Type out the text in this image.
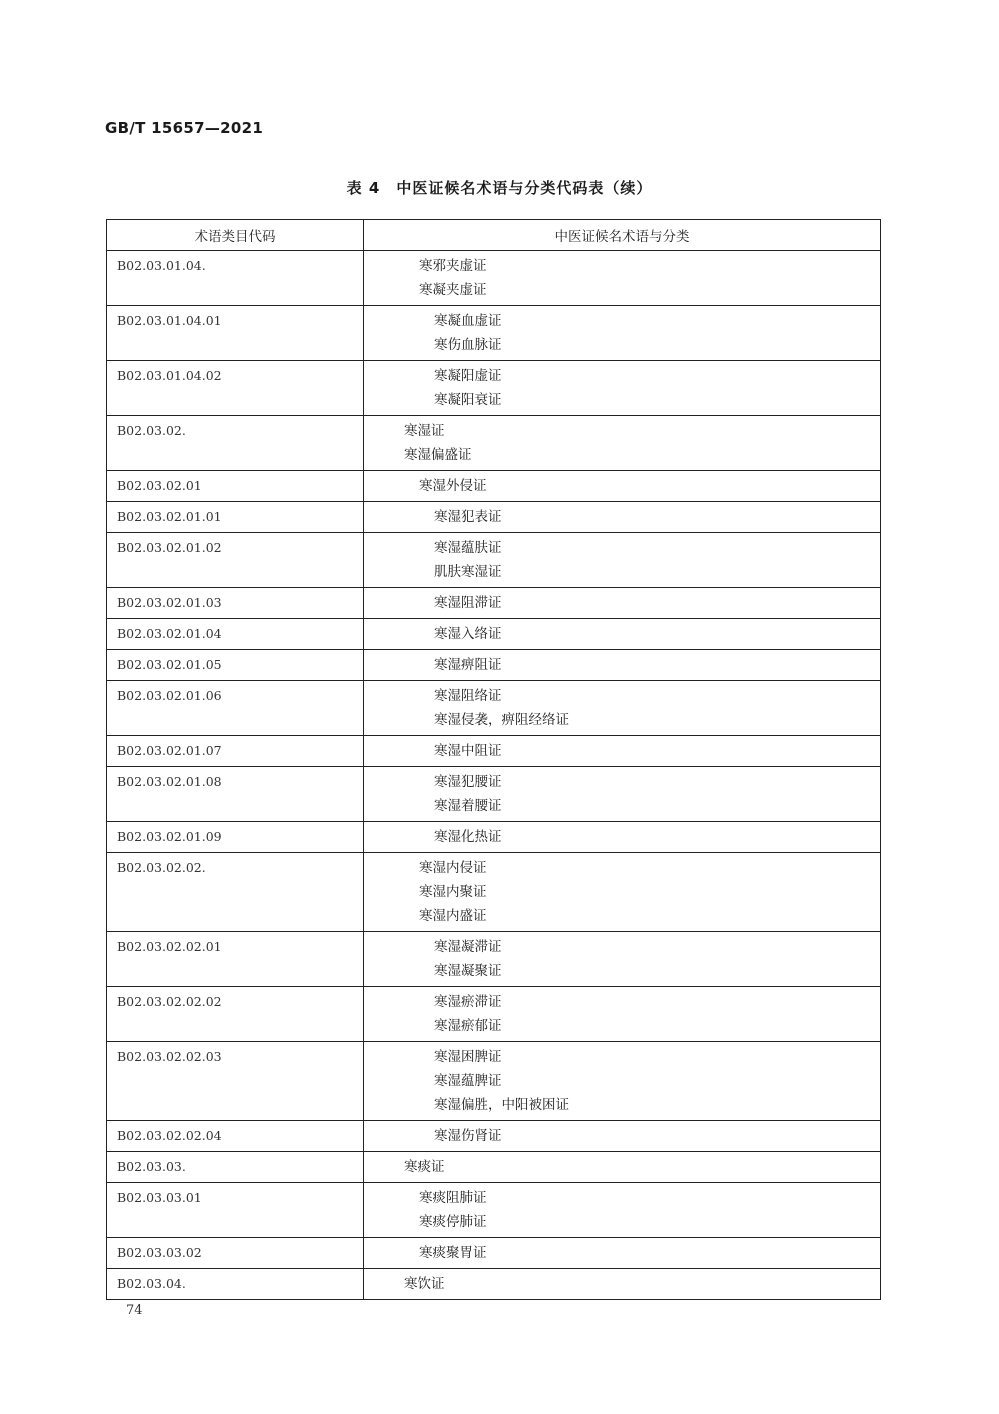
GB/T 15657—2021
表 4　中医证候名术语与分类代码表（续）
术语类目代码	中医证候名术语与分类
B02.03.01.04.	寒邪夹虚证
寒凝夹虚证

B02.03.01.04.01	寒凝血虚证
寒伤血脉证

B02.03.01.04.02	寒凝阳虚证
寒凝阳衰证

B02.03.02.	寒湿证
寒湿偏盛证

B02.03.02.01	寒湿外侵证

B02.03.02.01.01	寒湿犯表证

B02.03.02.01.02	寒湿蕴肤证
肌肤寒湿证

B02.03.02.01.03	寒湿阻滞证

B02.03.02.01.04	寒湿入络证

B02.03.02.01.05	寒湿痹阻证

B02.03.02.01.06	寒湿阻络证
寒湿侵袭，痹阻经络证

B02.03.02.01.07	寒湿中阻证

B02.03.02.01.08	寒湿犯腰证
寒湿着腰证

B02.03.02.01.09	寒湿化热证

B02.03.02.02.	寒湿内侵证
寒湿内聚证
寒湿内盛证

B02.03.02.02.01	寒湿凝滞证
寒湿凝聚证

B02.03.02.02.02	寒湿瘀滞证
寒湿瘀郁证

B02.03.02.02.03	寒湿困脾证
寒湿蕴脾证
寒湿偏胜，中阳被困证

B02.03.02.02.04	寒湿伤肾证

B02.03.03.	寒痰证

B02.03.03.01	寒痰阻肺证
寒痰停肺证

B02.03.03.02	寒痰聚胃证

B02.03.04.	寒饮证
74
